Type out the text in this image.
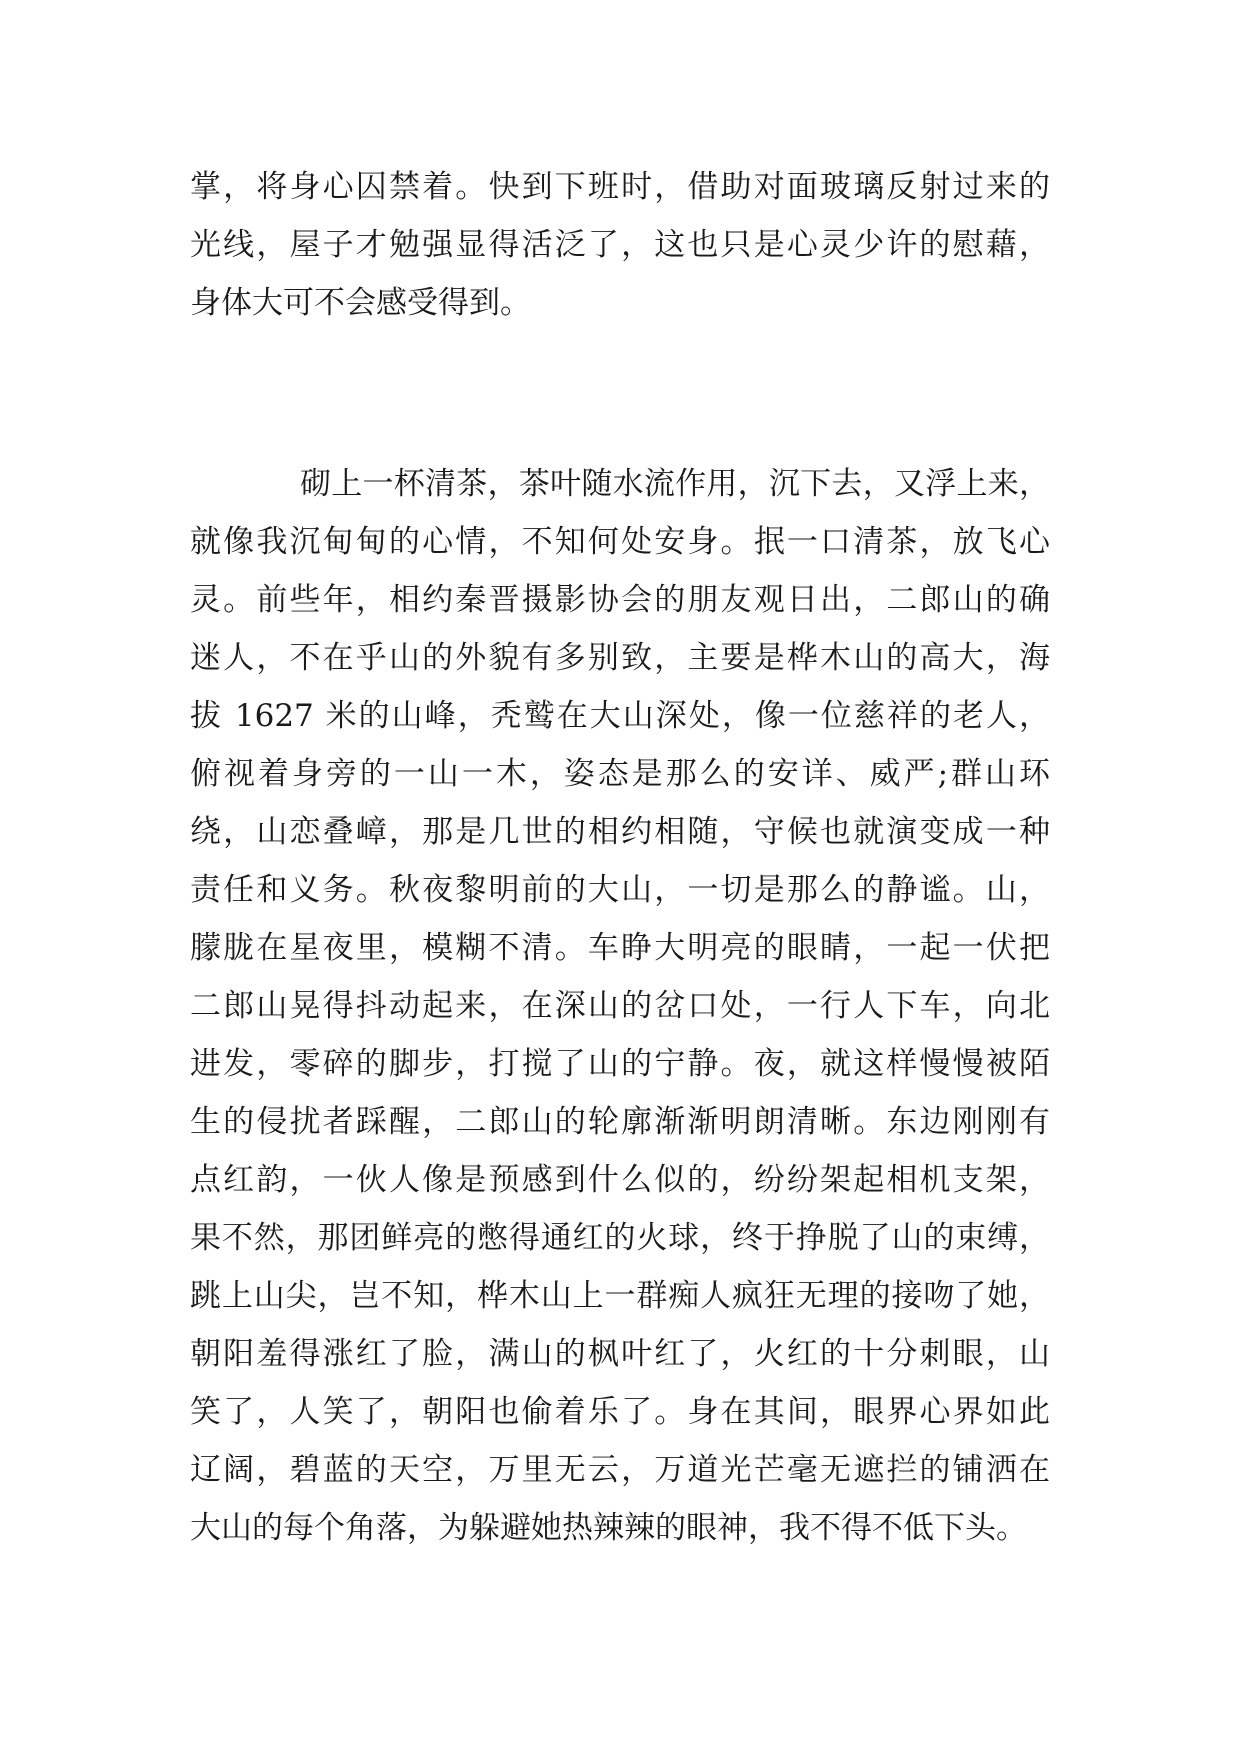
掌，将身心囚禁着。快到下班时，借助对面玻璃反射过来的
光线，屋子才勉强显得活泛了，这也只是心灵少许的慰藉，
身体大可不会感受得到。
砌上一杯清茶，茶叶随水流作用，沉下去，又浮上来，
就像我沉甸甸的心情，不知何处安身。抿一口清茶，放飞心
灵。前些年，相约秦晋摄影协会的朋友观日出，二郎山的确
迷人，不在乎山的外貌有多别致，主要是桦木山的高大，海
拔 1627 米的山峰，秃鹫在大山深处，像一位慈祥的老人，
俯视着身旁的一山一木，姿态是那么的安详、威严;群山环
绕，山恋叠嶂，那是几世的相约相随，守候也就演变成一种
责任和义务。秋夜黎明前的大山，一切是那么的静谧。山，
朦胧在星夜里，模糊不清。车睁大明亮的眼睛，一起一伏把
二郎山晃得抖动起来，在深山的岔口处，一行人下车，向北
进发，零碎的脚步，打搅了山的宁静。夜，就这样慢慢被陌
生的侵扰者踩醒，二郎山的轮廓渐渐明朗清晰。东边刚刚有
点红韵，一伙人像是预感到什么似的，纷纷架起相机支架，
果不然，那团鲜亮的憋得通红的火球，终于挣脱了山的束缚，
跳上山尖，岂不知，桦木山上一群痴人疯狂无理的接吻了她，
朝阳羞得涨红了脸，满山的枫叶红了，火红的十分刺眼，山
笑了，人笑了，朝阳也偷着乐了。身在其间，眼界心界如此
辽阔，碧蓝的天空，万里无云，万道光芒毫无遮拦的铺洒在
大山的每个角落，为躲避她热辣辣的眼神，我不得不低下头。
